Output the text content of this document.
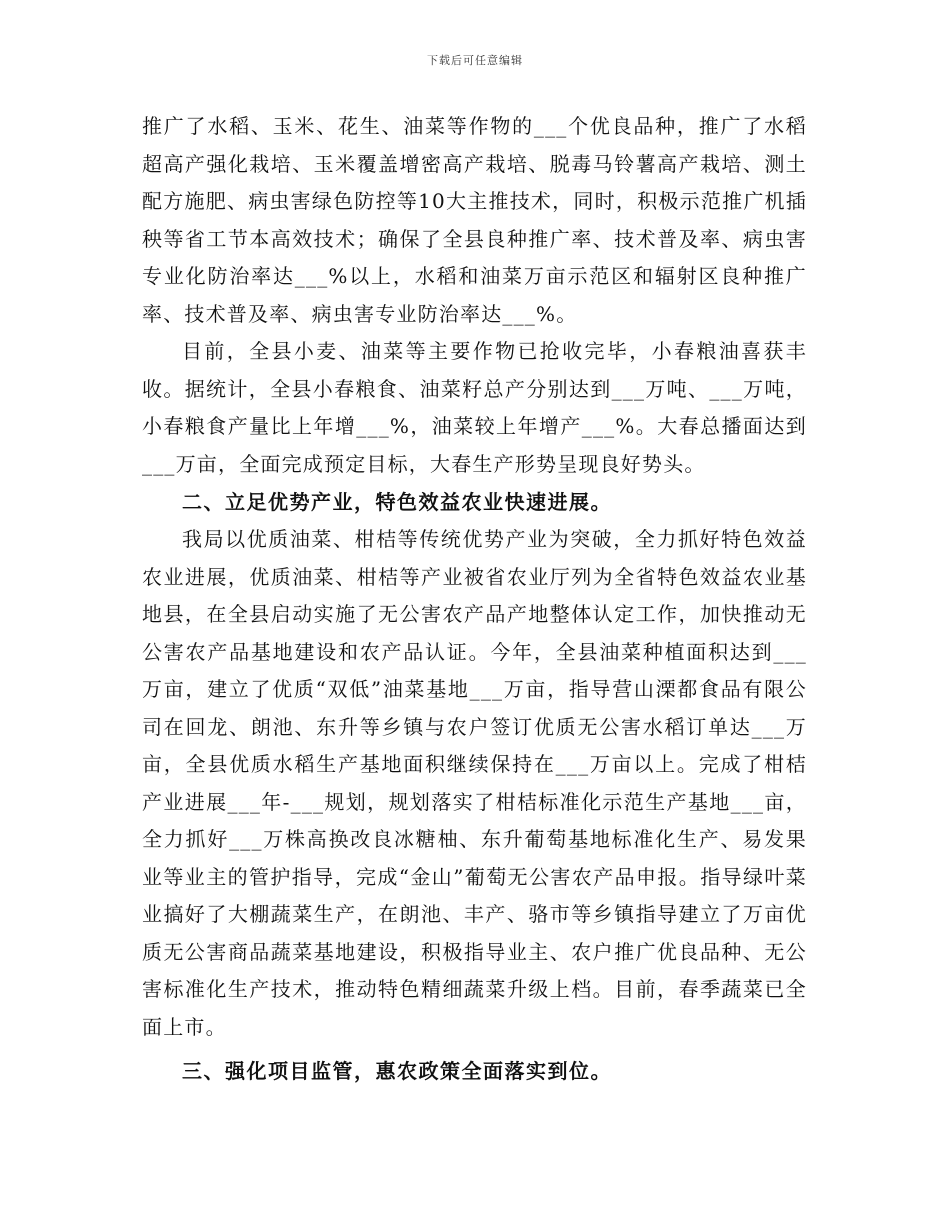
下载后可任意编辑

推广了水稻、玉米、花生、油菜等作物的___个优良品种，推广了水稻超高产强化栽培、玉米覆盖增密高产栽培、脱毒马铃薯高产栽培、测土配方施肥、病虫害绿色防控等10大主推技术，同时，积极示范推广机插秧等省工节本高效技术；确保了全县良种推广率、技术普及率、病虫害专业化防治率达___%以上，水稻和油菜万亩示范区和辐射区良种推广率、技术普及率、病虫害专业防治率达___%。

目前，全县小麦、油菜等主要作物已抢收完毕，小春粮油喜获丰收。据统计，全县小春粮食、油菜籽总产分别达到___万吨、___万吨，小春粮食产量比上年增___%，油菜较上年增产___%。大春总播面达到___万亩，全面完成预定目标，大春生产形势呈现良好势头。

二、立足优势产业，特色效益农业快速进展。

我局以优质油菜、柑桔等传统优势产业为突破，全力抓好特色效益农业进展，优质油菜、柑桔等产业被省农业厅列为全省特色效益农业基地县，在全县启动实施了无公害农产品产地整体认定工作，加快推动无公害农产品基地建设和农产品认证。今年，全县油菜种植面积达到___万亩，建立了优质“双低”油菜基地___万亩，指导营山溧都食品有限公司在回龙、朗池、东升等乡镇与农户签订优质无公害水稻订单达___万亩，全县优质水稻生产基地面积继续保持在___万亩以上。完成了柑桔产业进展___年-___规划，规划落实了柑桔标准化示范生产基地___亩，全力抓好___万株高换改良冰糖柚、东升葡萄基地标准化生产、易发果业等业主的管护指导，完成“金山”葡萄无公害农产品申报。指导绿叶菜业搞好了大棚蔬菜生产，在朗池、丰产、骆市等乡镇指导建立了万亩优质无公害商品蔬菜基地建设，积极指导业主、农户推广优良品种、无公害标准化生产技术，推动特色精细蔬菜升级上档。目前，春季蔬菜已全面上市。

三、强化项目监管，惠农政策全面落实到位。
